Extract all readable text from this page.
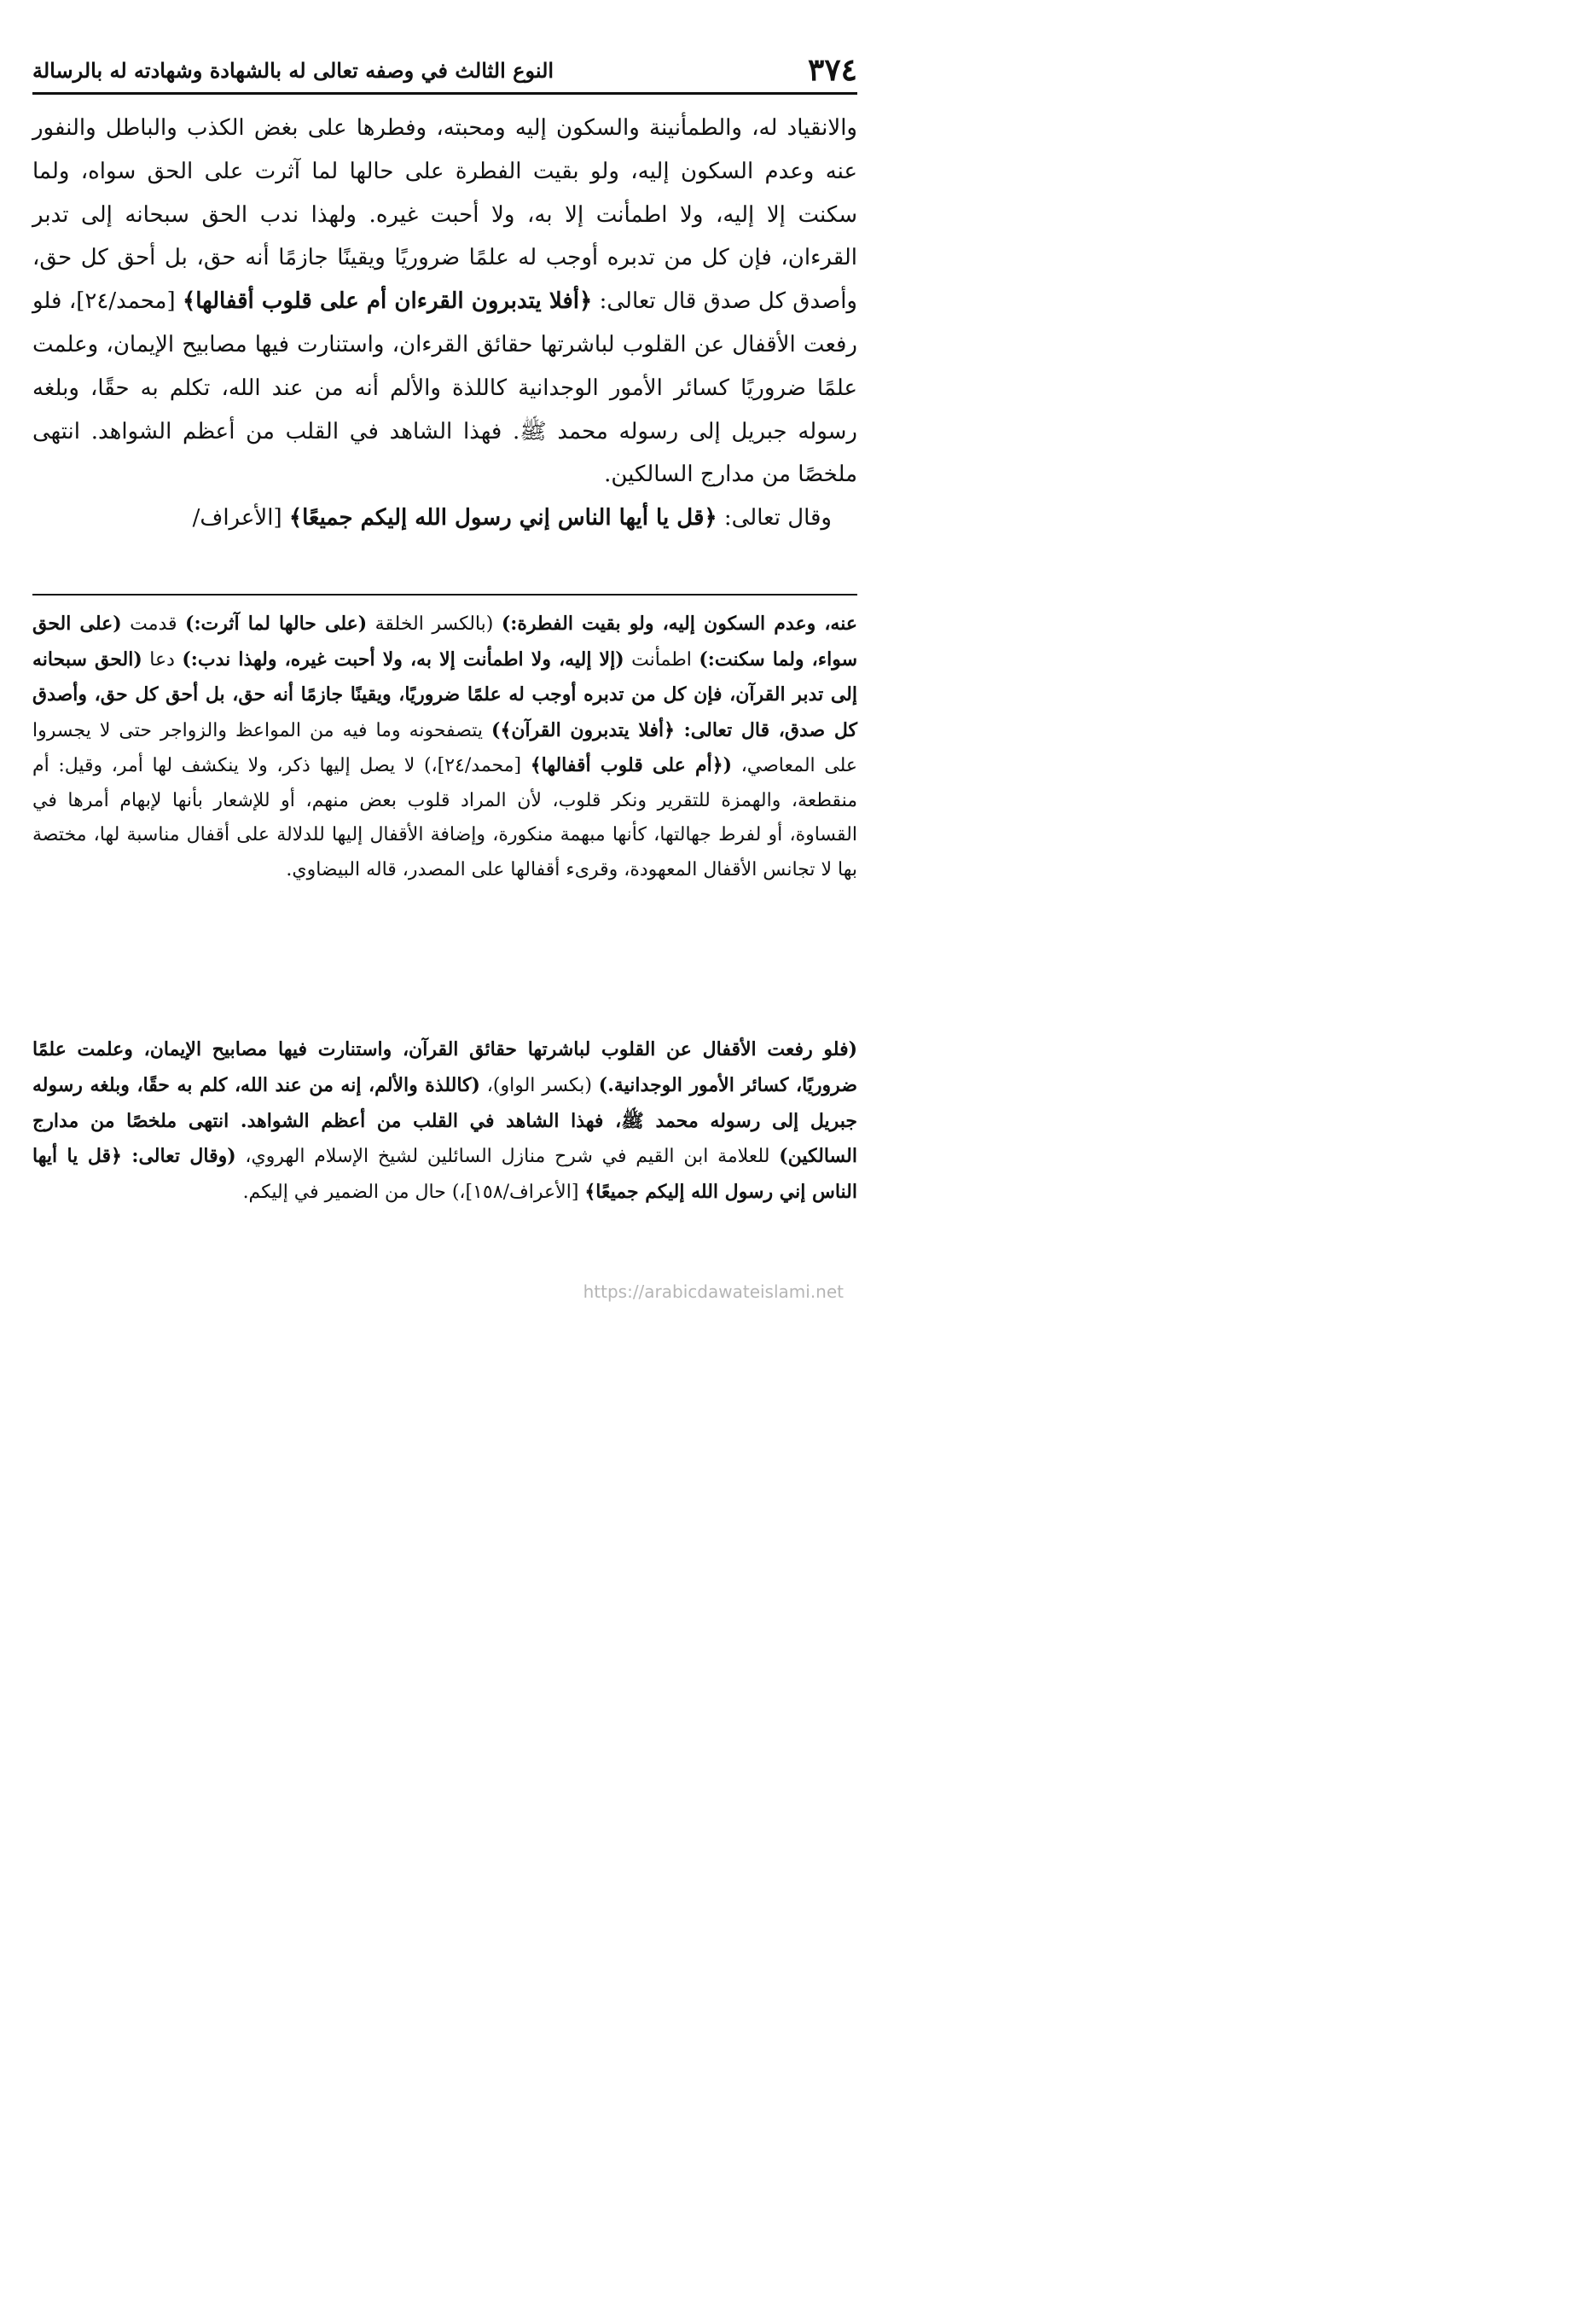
٣٧٤
النوع الثالث في وصفه تعالى له بالشهادة وشهادته له بالرسالة

والانقياد له، والطمأنينة والسكون إليه ومحبته، وفطرها على بغض الكذب والباطل والنفور عنه وعدم السكون إليه، ولو بقيت الفطرة على حالها لما آثرت على الحق سواه، ولما سكنت إلا إليه، ولا اطمأنت إلا به، ولا أحبت غيره. ولهذا ندب الحق سبحانه إلى تدبر القرءان، فإن كل من تدبره أوجب له علمًا ضروريًا ويقينًا جازمًا أنه حق، بل أحق كل حق، وأصدق كل صدق قال تعالى: ﴿أفلا يتدبرون القرءان أم على قلوب أقفالها﴾ [محمد/٢٤]، فلو رفعت الأقفال عن القلوب لباشرتها حقائق القرءان، واستنارت فيها مصابيح الإيمان، وعلمت علمًا ضروريًا كسائر الأمور الوجدانية كاللذة والألم أنه من عند الله، تكلم به حقًا، وبلغه رسوله جبريل إلى رسوله محمد ﷺ. فهذا الشاهد في القلب من أعظم الشواهد. انتهى ملخصًا من مدارج السالكين.

وقال تعالى: ﴿قل يا أيها الناس إني رسول الله إليكم جميعًا﴾ [الأعراف/

عنه، وعدم السكون إليه، ولو بقيت الفطرة:) (بالكسر الخلقة (على حالها لما آثرت:) قدمت (على الحق سواء، ولما سكنت:) اطمأنت (إلا إليه، ولا اطمأنت إلا به، ولا أحبت غيره، ولهذا ندب:) دعا (الحق سبحانه إلى تدبر القرآن، فإن كل من تدبره أوجب له علمًا ضروريًا، ويقينًا جازمًا أنه حق، بل أحق كل حق، وأصدق كل صدق، قال تعالى: ﴿أفلا يتدبرون القرآن﴾) يتصفحونه وما فيه من المواعظ والزواجر حتى لا يجسروا على المعاصي، (﴿أم على قلوب أقفالها﴾ [محمد/٢٤]،) لا يصل إليها ذكر، ولا ينكشف لها أمر، وقيل: أم منقطعة، والهمزة للتقرير ونكر قلوب، لأن المراد قلوب بعض منهم، أو للإشعار بأنها لإبهام أمرها في القساوة، أو لفرط جهالتها، كأنها مبهمة منكورة، وإضافة الأقفال إليها للدلالة على أقفال مناسبة لها، مختصة بها لا تجانس الأقفال المعهودة، وقرىء أقفالها على المصدر، قاله البيضاوي.

(فلو رفعت الأقفال عن القلوب لباشرتها حقائق القرآن، واستنارت فيها مصابيح الإيمان، وعلمت علمًا ضروريًا، كسائر الأمور الوجدانية.) (بكسر الواو)، (كاللذة والألم، إنه من عند الله، كلم به حقًا، وبلغه رسوله جبريل إلى رسوله محمد ﷺ، فهذا الشاهد في القلب من أعظم الشواهد. انتهى ملخصًا من مدارج السالكين) للعلامة ابن القيم في شرح منازل السائلين لشيخ الإسلام الهروي، (وقال تعالى: ﴿قل يا أيها الناس إني رسول الله إليكم جميعًا﴾ [الأعراف/١٥٨]،) حال من الضمير في إليكم.

https://arabicdawateislami.net
